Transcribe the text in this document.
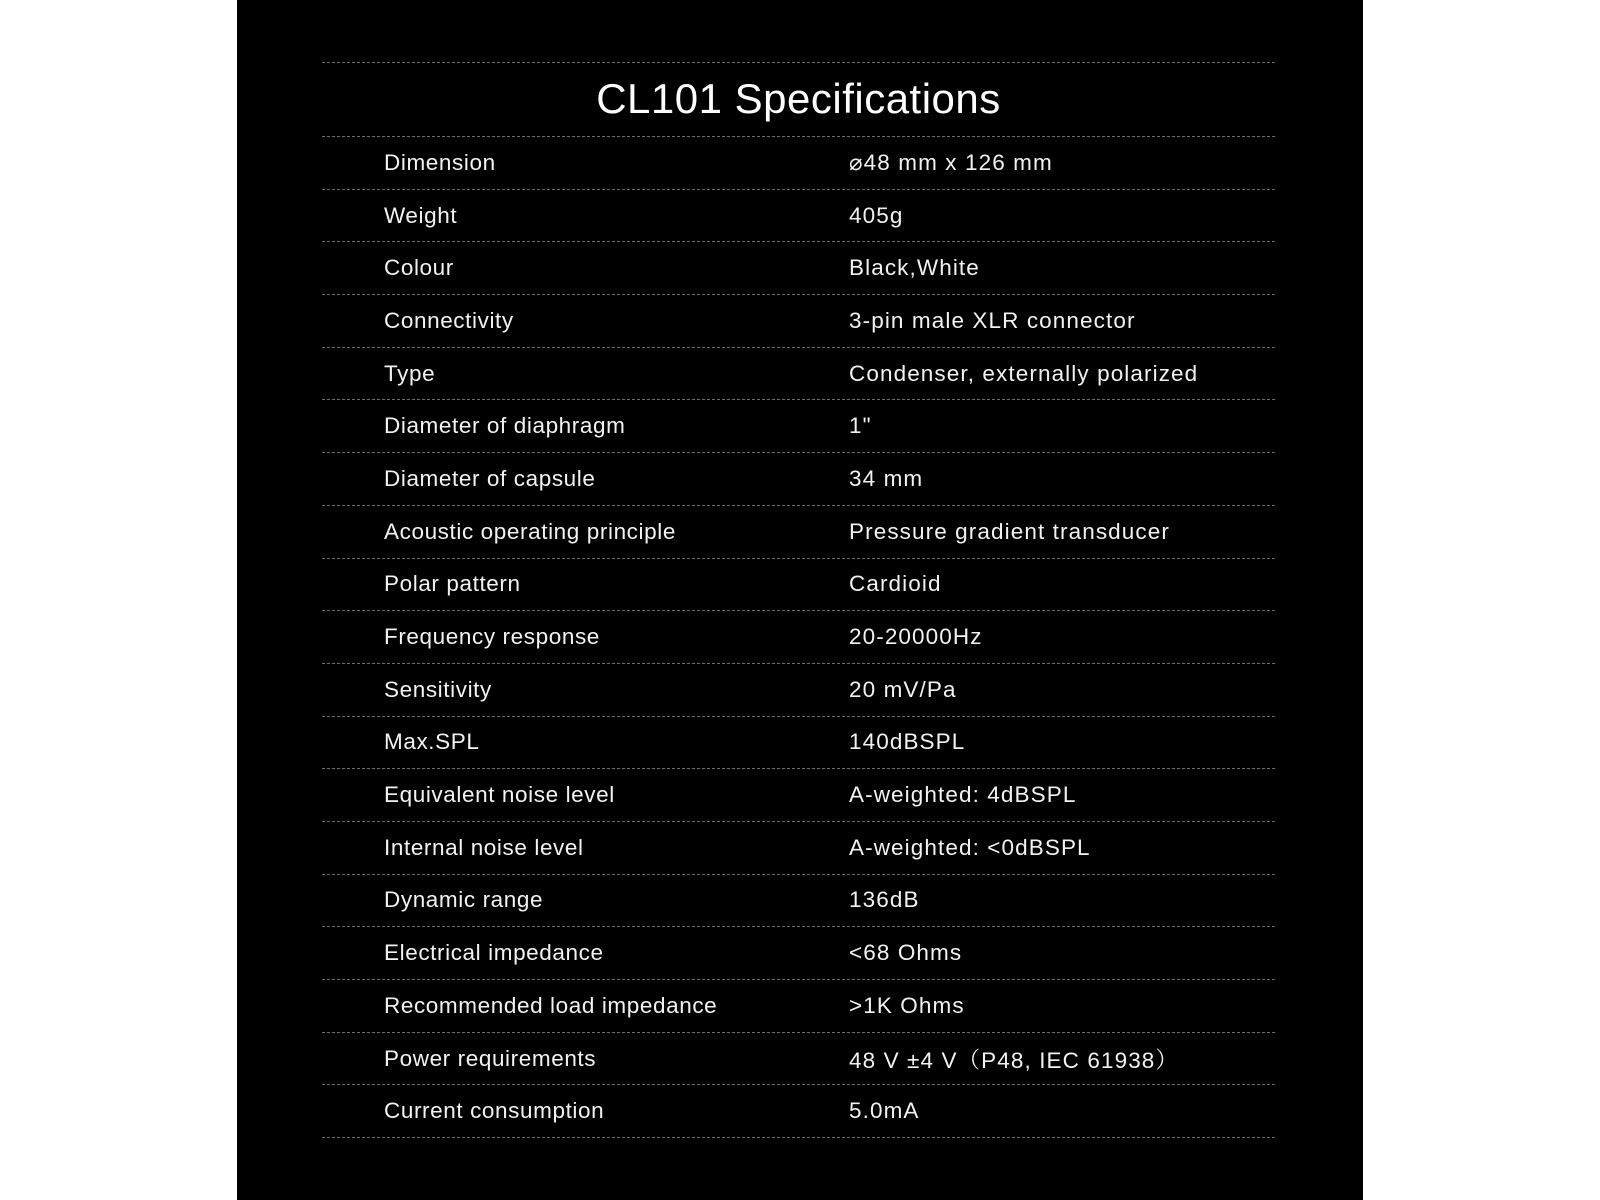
CL101 Specifications
Dimension	⌀48 mm x 126 mm
Weight	405g
Colour	Black,White
Connectivity	3-pin male XLR connector
Type	Condenser, externally polarized
Diameter of diaphragm	1"
Diameter of capsule	34 mm
Acoustic operating principle	Pressure gradient transducer
Polar pattern	Cardioid
Frequency response	20-20000Hz
Sensitivity	20 mV/Pa
Max.SPL	140dBSPL
Equivalent noise level	A-weighted: 4dBSPL
Internal noise level	A-weighted: <0dBSPL
Dynamic range	136dB
Electrical impedance	<68 Ohms
Recommended load impedance	>1K Ohms
Power requirements	48 V ±4 V（P48, IEC 61938）
Current consumption	5.0mA
